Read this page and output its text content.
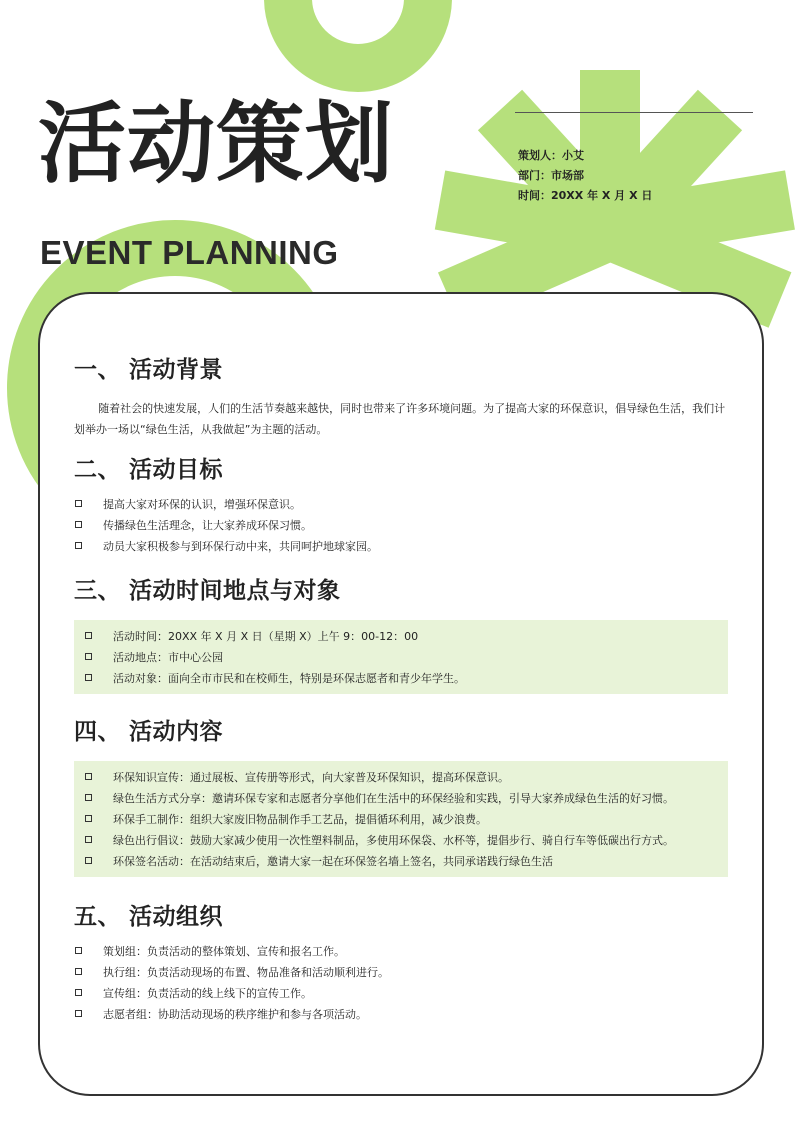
活动策划
EVENT PLANNING
策划人：小艾
部门：市场部
时间：20XX 年 X 月 X 日
一、 活动背景

随着社会的快速发展，人们的生活节奏越来越快，同时也带来了许多环境问题。为了提高大家的环保意识，倡导绿色生活，我们计划举办一场以“绿色生活，从我做起”为主题的活动。

二、 活动目标
提高大家对环保的认识，增强环保意识。
传播绿色生活理念，让大家养成环保习惯。
动员大家积极参与到环保行动中来，共同呵护地球家园。
三、 活动时间地点与对象
活动时间：20XX 年 X 月 X 日（星期 X）上午 9：00-12：00
活动地点：市中心公园
活动对象：面向全市市民和在校师生，特别是环保志愿者和青少年学生。
四、 活动内容
环保知识宣传：通过展板、宣传册等形式，向大家普及环保知识，提高环保意识。
绿色生活方式分享：邀请环保专家和志愿者分享他们在生活中的环保经验和实践，引导大家养成绿色生活的好习惯。
环保手工制作：组织大家废旧物品制作手工艺品，提倡循环利用，减少浪费。
绿色出行倡议：鼓励大家减少使用一次性塑料制品，多使用环保袋、水杯等，提倡步行、骑自行车等低碳出行方式。
环保签名活动：在活动结束后，邀请大家一起在环保签名墙上签名，共同承诺践行绿色生活
五、 活动组织
策划组：负责活动的整体策划、宣传和报名工作。
执行组：负责活动现场的布置、物品准备和活动顺利进行。
宣传组：负责活动的线上线下的宣传工作。
志愿者组：协助活动现场的秩序维护和参与各项活动。
